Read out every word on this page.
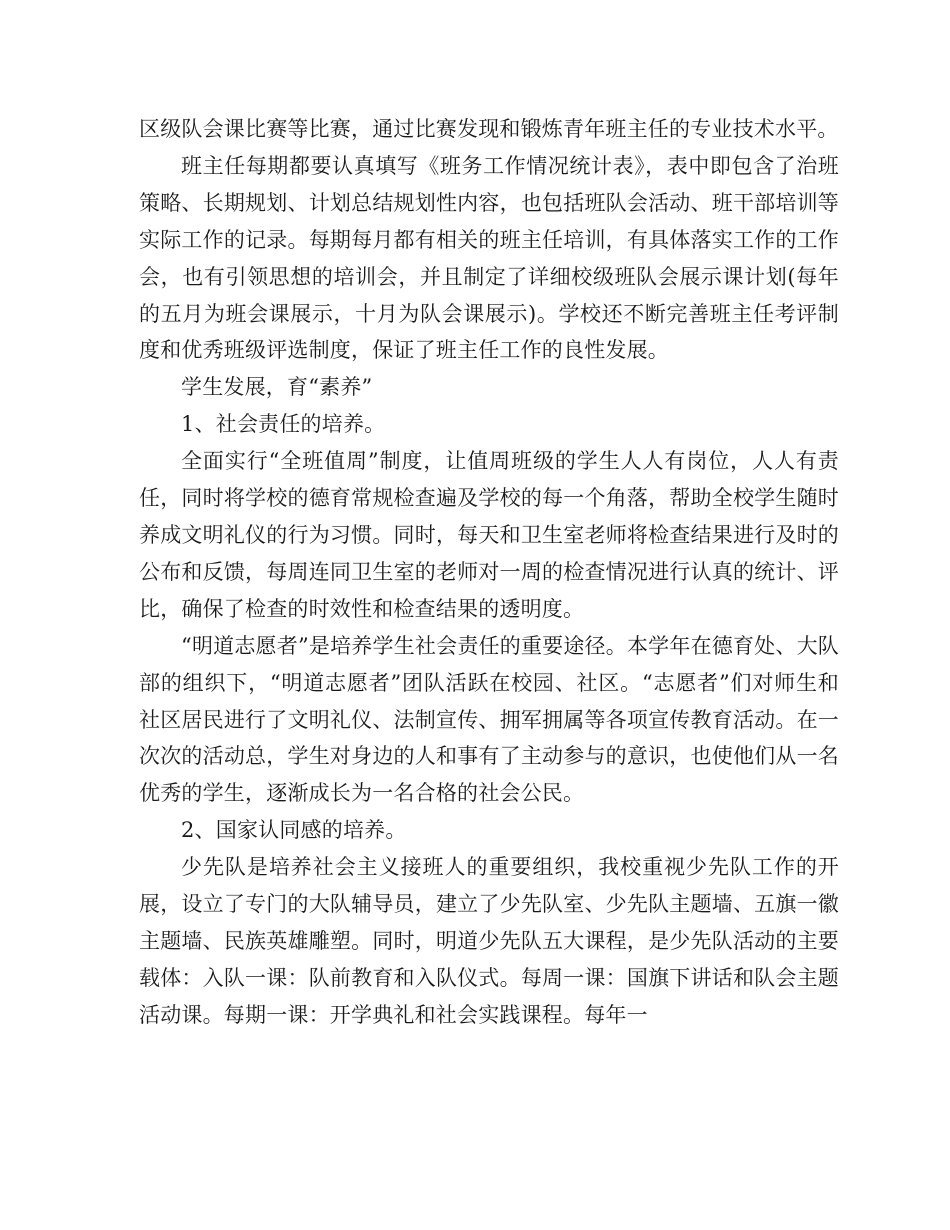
区级队会课比赛等比赛，通过比赛发现和锻炼青年班主任的专业技术水平。

班主任每期都要认真填写《班务工作情况统计表》，表中即包含了治班策略、长期规划、计划总结规划性内容，也包括班队会活动、班干部培训等实际工作的记录。每期每月都有相关的班主任培训，有具体落实工作的工作会，也有引领思想的培训会，并且制定了详细校级班队会展示课计划(每年的五月为班会课展示，十月为队会课展示)。学校还不断完善班主任考评制度和优秀班级评选制度，保证了班主任工作的良性发展。

学生发展，育“素养”

1、社会责任的培养。

全面实行“全班值周”制度，让值周班级的学生人人有岗位，人人有责任，同时将学校的德育常规检查遍及学校的每一个角落，帮助全校学生随时养成文明礼仪的行为习惯。同时，每天和卫生室老师将检查结果进行及时的公布和反馈，每周连同卫生室的老师对一周的检查情况进行认真的统计、评比，确保了检查的时效性和检查结果的透明度。

“明道志愿者”是培养学生社会责任的重要途径。本学年在德育处、大队部的组织下，“明道志愿者”团队活跃在校园、社区。“志愿者”们对师生和社区居民进行了文明礼仪、法制宣传、拥军拥属等各项宣传教育活动。在一次次的活动总，学生对身边的人和事有了主动参与的意识，也使他们从一名优秀的学生，逐渐成长为一名合格的社会公民。

2、国家认同感的培养。

少先队是培养社会主义接班人的重要组织，我校重视少先队工作的开展，设立了专门的大队辅导员，建立了少先队室、少先队主题墙、五旗一徽主题墙、民族英雄雕塑。同时，明道少先队五大课程，是少先队活动的主要载体：入队一课：队前教育和入队仪式。每周一课：国旗下讲话和队会主题活动课。每期一课：开学典礼和社会实践课程。每年一
